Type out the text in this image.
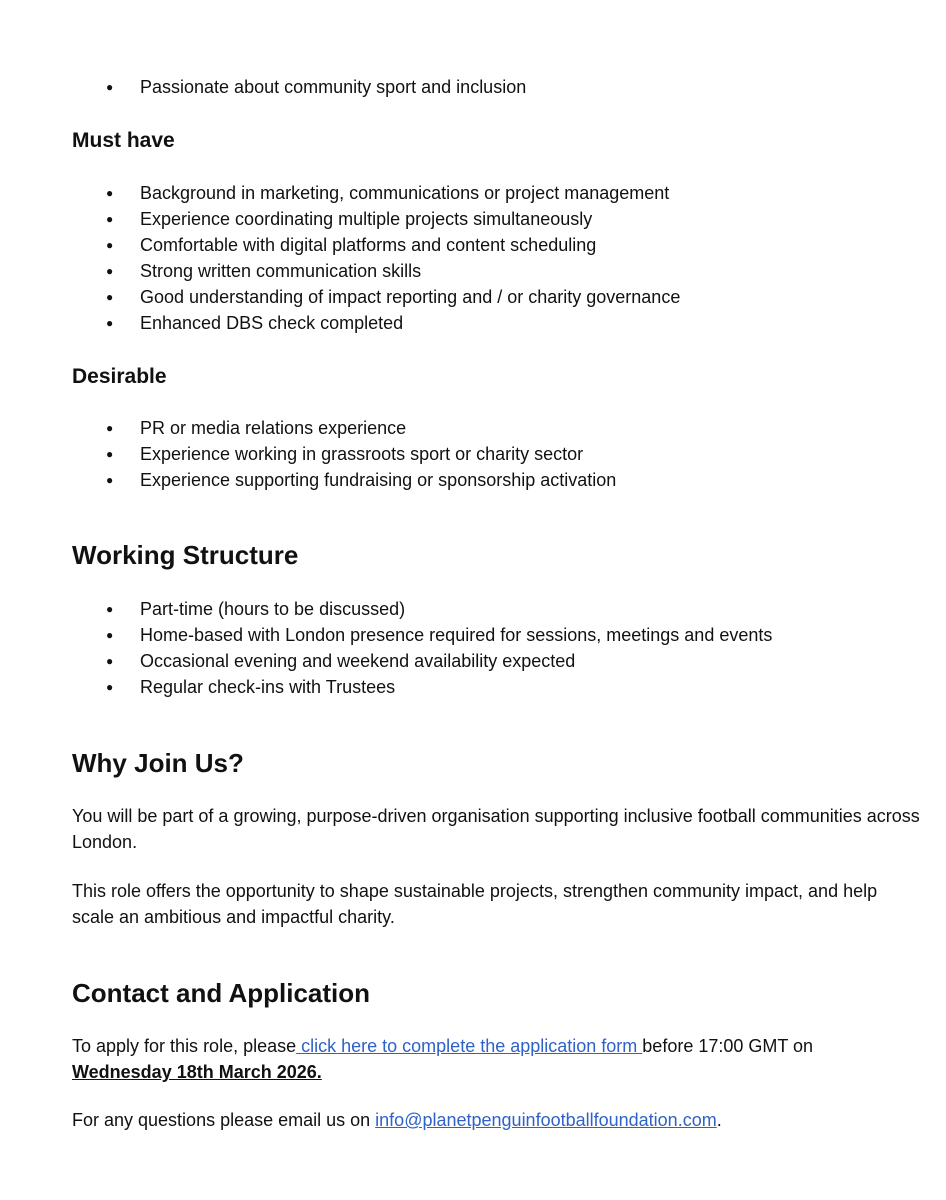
● Passionate about community sport and inclusion
Must have
● Background in marketing, communications or project management
● Experience coordinating multiple projects simultaneously
● Comfortable with digital platforms and content scheduling
● Strong written communication skills
● Good understanding of impact reporting and / or charity governance
● Enhanced DBS check completed
Desirable
● PR or media relations experience
● Experience working in grassroots sport or charity sector
● Experience supporting fundraising or sponsorship activation
Working Structure
● Part-time (hours to be discussed)
● Home-based with London presence required for sessions, meetings and events
● Occasional evening and weekend availability expected
● Regular check-ins with Trustees
Why Join Us?

You will be part of a growing, purpose-driven organisation supporting inclusive football communities across London.

This role offers the opportunity to shape sustainable projects, strengthen community impact, and help scale an ambitious and impactful charity.

Contact and Application

To apply for this role, please click here to complete the application form before 17:00 GMT on
Wednesday 18th March 2026.

For any questions please email us on info@planetpenguinfootballfoundation.com.
